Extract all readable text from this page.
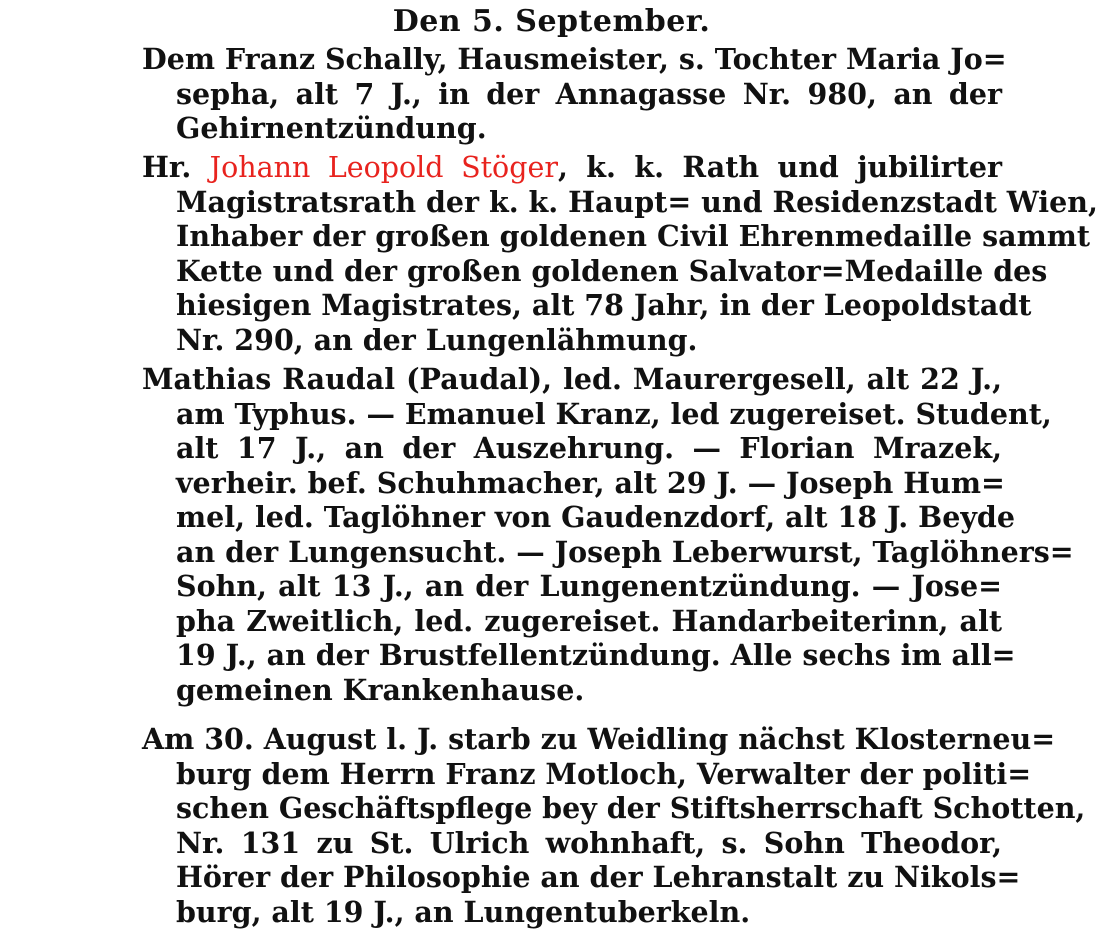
Den 5. September.
Dem Franz Schally, Hausmeister, s. Tochter Maria Jo=
sepha, alt 7 J., in der Annagasse Nr. 980, an der
Gehirnentzündung.
Hr. Johann Leopold Stöger, k. k. Rath und jubilirter
Magistratsrath der k. k. Haupt= und Residenzstadt Wien,
Inhaber der großen goldenen Civil Ehrenmedaille sammt
Kette und der großen goldenen Salvator=Medaille des
hiesigen Magistrates, alt 78 Jahr, in der Leopoldstadt
Nr. 290, an der Lungenlähmung.
Mathias Raudal (Paudal), led. Maurergesell, alt 22 J.,
am Typhus. — Emanuel Kranz, led zugereiset. Student,
alt 17 J., an der Auszehrung. — Florian Mrazek,
verheir. bef. Schuhmacher, alt 29 J. — Joseph Hum=
mel, led. Taglöhner von Gaudenzdorf, alt 18 J. Beyde
an der Lungensucht. — Joseph Leberwurst, Taglöhners=
Sohn, alt 13 J., an der Lungenentzündung. — Jose=
pha Zweitlich, led. zugereiset. Handarbeiterinn, alt
19 J., an der Brustfellentzündung. Alle sechs im all=
gemeinen Krankenhause.
Am 30. August l. J. starb zu Weidling nächst Klosterneu=
burg dem Herrn Franz Motloch, Verwalter der politi=
schen Geschäftspflege bey der Stiftsherrschaft Schotten,
Nr. 131 zu St. Ulrich wohnhaft, s. Sohn Theodor,
Hörer der Philosophie an der Lehranstalt zu Nikols=
burg, alt 19 J., an Lungentuberkeln.
